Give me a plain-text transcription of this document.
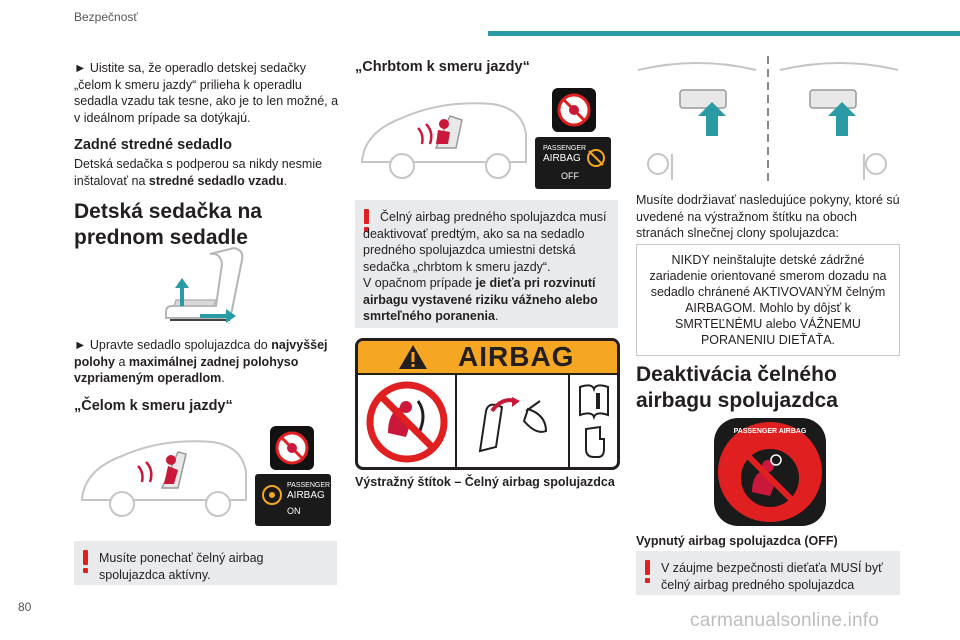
Bezpečnosť
80
carmanualsonline.info
► Uistite sa, že operadlo detskej sedačky „čelom k smeru jazdy“ prilieha k operadlu sedadla vzadu tak tesne, ako je to len možné, a v ideálnom prípade sa dotýkajú.
Zadné stredné sedadlo
Detská sedačka s podperou sa nikdy nesmie inštalovať na stredné sedadlo vzadu.
Detská sedačka na prednom sedadle
► Upravte sedadlo spolujazdca do najvyššej polohy a maximálnej zadnej polohyso vzpriameným operadlom.
„Čelom k smeru jazdy“
PASSENGER
AIRBAG
ON
Musíte ponechať čelný airbag spolujazdca aktívny.
„Chrbtom k smeru jazdy“
PASSENGER
AIRBAG
OFF
Čelný airbag predného spolujazdca musí deaktivovať predtým, ako sa na sedadlo predného spolujazdca umiestni detská sedačka „chrbtom k smeru jazdy“.
V opačnom prípade je dieťa pri rozvinutí airbagu vystavené riziku vážneho alebo smrteľného poranenia.
AIRBAG
Výstražný štítok – Čelný airbag spolujazdca
Musíte dodržiavať nasledujúce pokyny, ktoré sú uvedené na výstražnom štítku na oboch stranách slnečnej clony spolujazdca:
NIKDY neinštalujte detské zádržné zariadenie orientované smerom dozadu na sedadlo chránené AKTIVOVANÝM čelným AIRBAGOM. Mohlo by dôjsť k SMRTEĽNÉMU alebo VÁŽNEMU PORANENIU DIEŤAŤA.
Deaktivácia čelného airbagu spolujazdca
PASSENGER AIRBAG
Vypnutý airbag spolujazdca (OFF)
V záujme bezpečnosti dieťaťa MUSÍ byť čelný airbag predného spolujazdca
